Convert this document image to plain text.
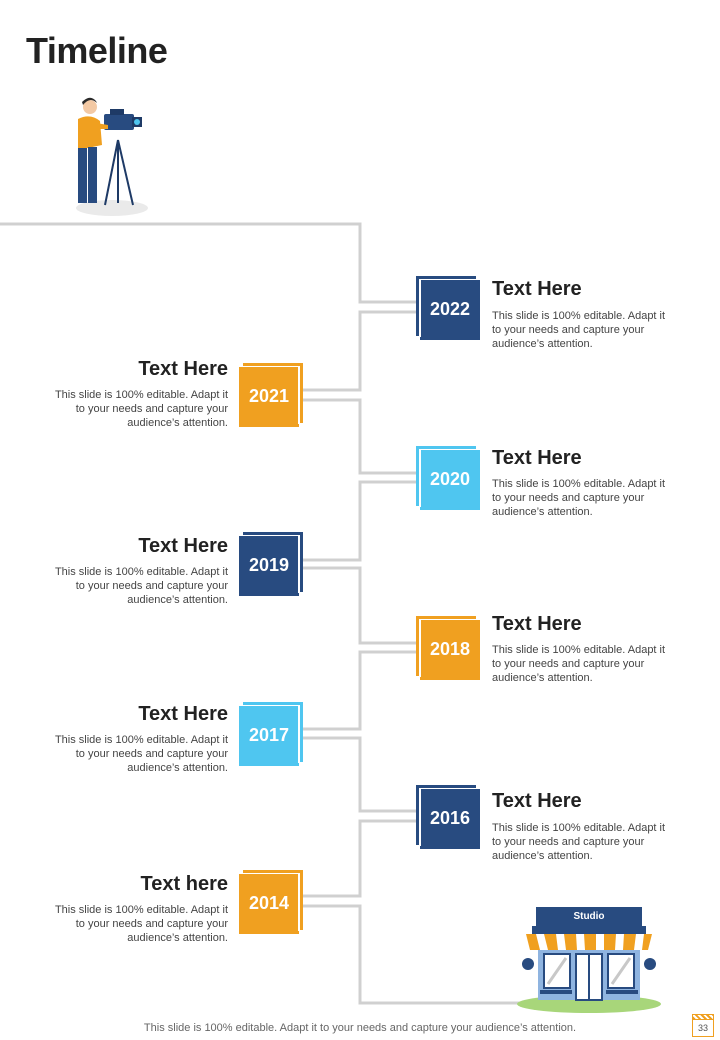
Timeline
2022
Text Here
This slide is 100% editable. Adapt it to your needs and capture your audience’s attention.
2020
Text Here
This slide is 100% editable. Adapt it to your needs and capture your audience’s attention.
2018
Text Here
This slide is 100% editable. Adapt it to your needs and capture your audience’s attention.
2016
Text Here
This slide is 100% editable. Adapt it to your needs and capture your audience’s attention.
2021
Text Here
This slide is 100% editable. Adapt it to your needs and capture your audience’s attention.
2019
Text Here
This slide is 100% editable. Adapt it to your needs and capture your audience’s attention.
2017
Text Here
This slide is 100% editable. Adapt it to your needs and capture your audience’s attention.
2014
Text here
This slide is 100% editable. Adapt it to your needs and capture your audience’s attention.
Studio
This slide is 100% editable. Adapt it to your needs and capture your audience’s attention.	33
